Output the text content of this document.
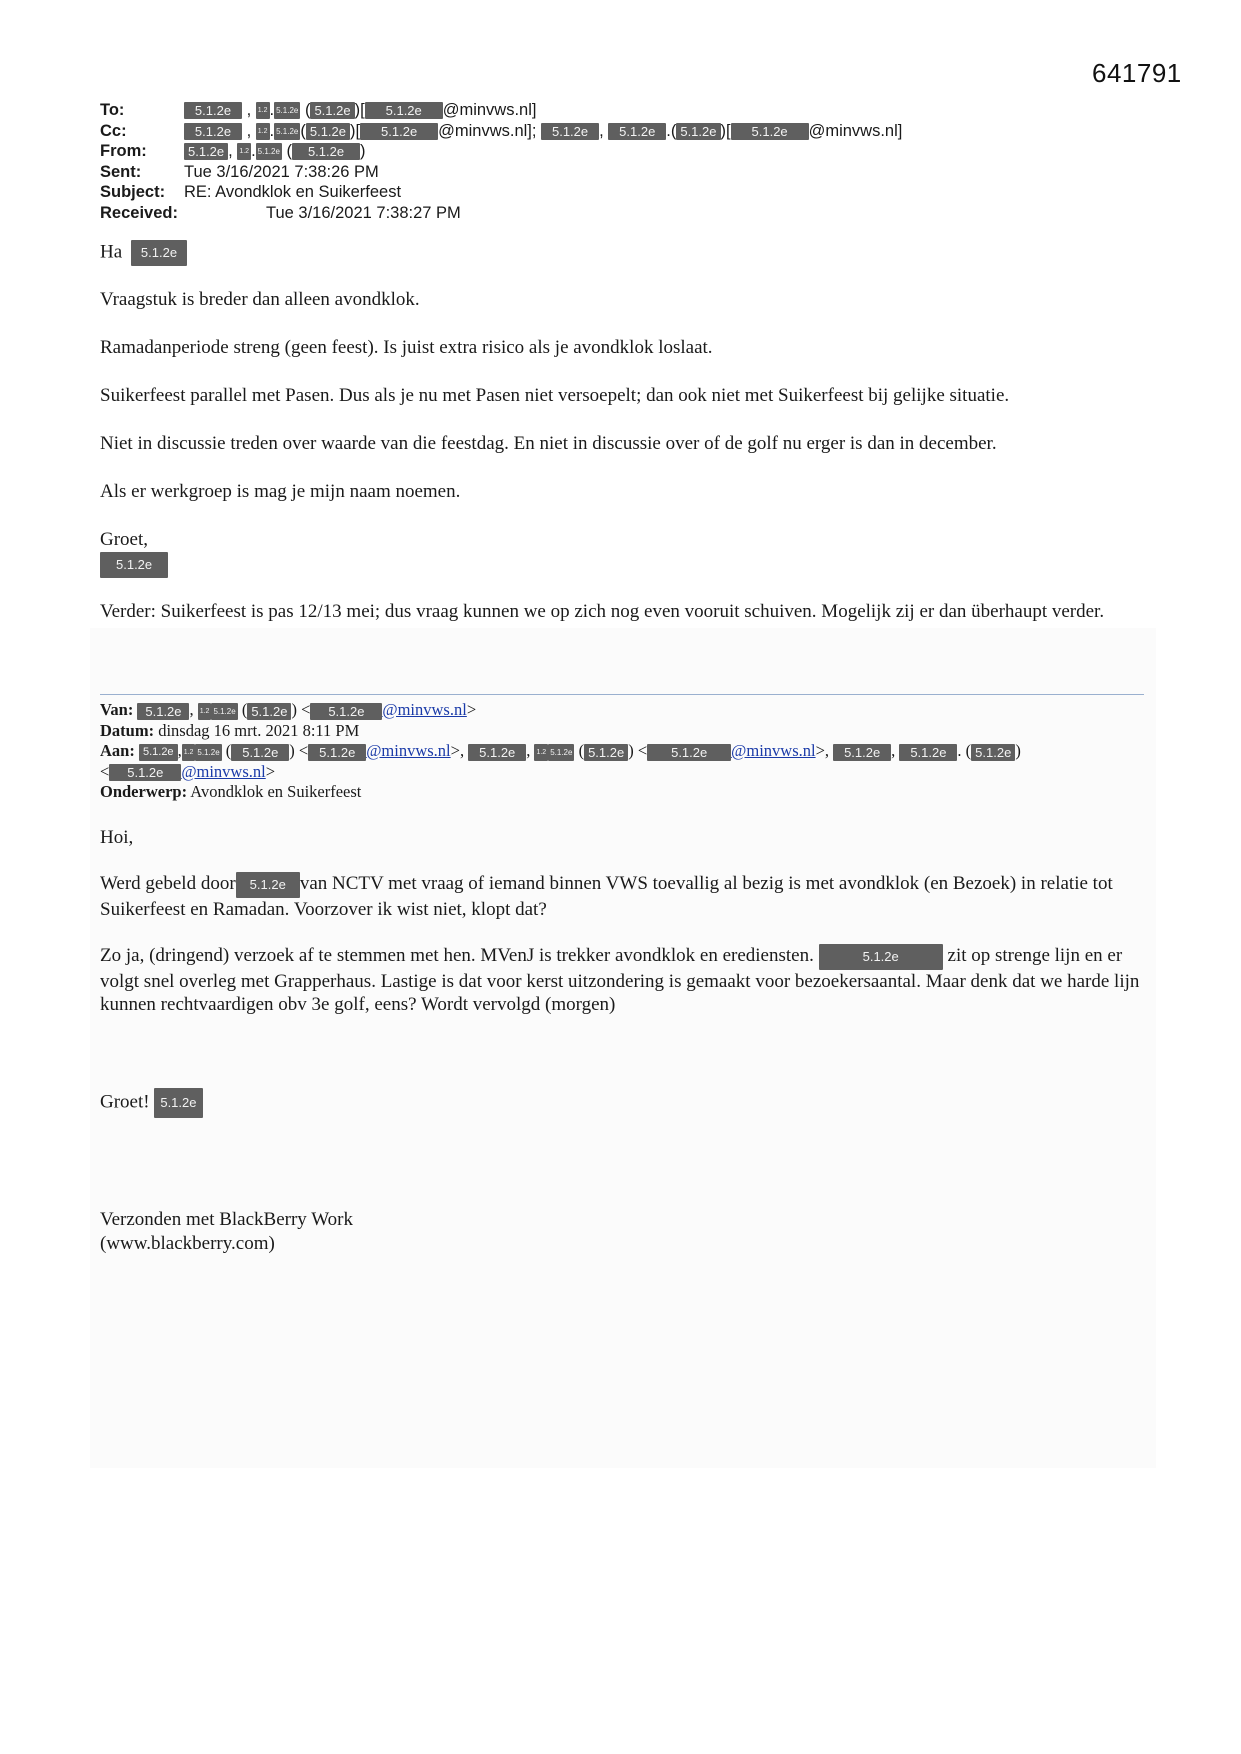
641791
To:	5.1.2e , 1.2 . 5.1.2e ( 5.1.2e )[ 5.1.2e @minvws.nl]
Cc:	5.1.2e , 1.2 . 5.1.2e ( 5.1.2e )[ 5.1.2e @minvws.nl]; 5.1.2e , 5.1.2e .( 5.1.2e )[ 5.1.2e @minvws.nl]
From:	5.1.2e , 1.2 . 5.1.2e ( 5.1.2e )
Sent:	Tue 3/16/2021 7:38:26 PM
Subject: RE: Avondklok en Suikerfeest
Received:	Tue 3/16/2021 7:38:27 PM
Ha 5.1.2e
Vraagstuk is breder dan alleen avondklok.
Ramadanperiode streng (geen feest). Is juist extra risico als je avondklok loslaat.
Suikerfeest parallel met Pasen. Dus als je nu met Pasen niet versoepelt; dan ook niet met Suikerfeest bij gelijke situatie.
Niet in discussie treden over waarde van die feestdag. En niet in discussie over of de golf nu erger is dan in december.
Als er werkgroep is mag je mijn naam noemen.
Groet,
5.1.2e
Verder: Suikerfeest is pas 12/13 mei; dus vraag kunnen we op zich nog even vooruit schuiven. Mogelijk zij er dan überhaupt verder.
Van: 5.1.2e , 1.2 5.1.2e ( 5.1.2e ) < 5.1.2e @minvws.nl>
Datum: dinsdag 16 mrt. 2021 8:11 PM
Aan: 5.1.2e , 1.2 5.1.2e ( 5.1.2e ) < 5.1.2e @minvws.nl>, 5.1.2e , 1.2 5.1.2e ( 5.1.2e ) < 5.1.2e @minvws.nl>, 5.1.2e , 5.1.2e . ( 5.1.2e )
< 5.1.2e @minvws.nl>
Onderwerp: Avondklok en Suikerfeest
Hoi,
Werd gebeld door 5.1.2e van NCTV met vraag of iemand binnen VWS toevallig al bezig is met avondklok (en Bezoek) in relatie tot Suikerfeest en Ramadan. Voorzover ik wist niet, klopt dat?
Zo ja, (dringend) verzoek af te stemmen met hen. MVenJ is trekker avondklok en erediensten.	5.1.2e	zit op strenge lijn en er volgt snel overleg met Grapperhaus. Lastige is dat voor kerst uitzondering is gemaakt voor bezoekersaantal. Maar denk dat we harde lijn kunnen rechtvaardigen obv 3e golf, eens? Wordt vervolgd (morgen)
Groet! 5.1.2e
Verzonden met BlackBerry Work
(www.blackberry.com)
